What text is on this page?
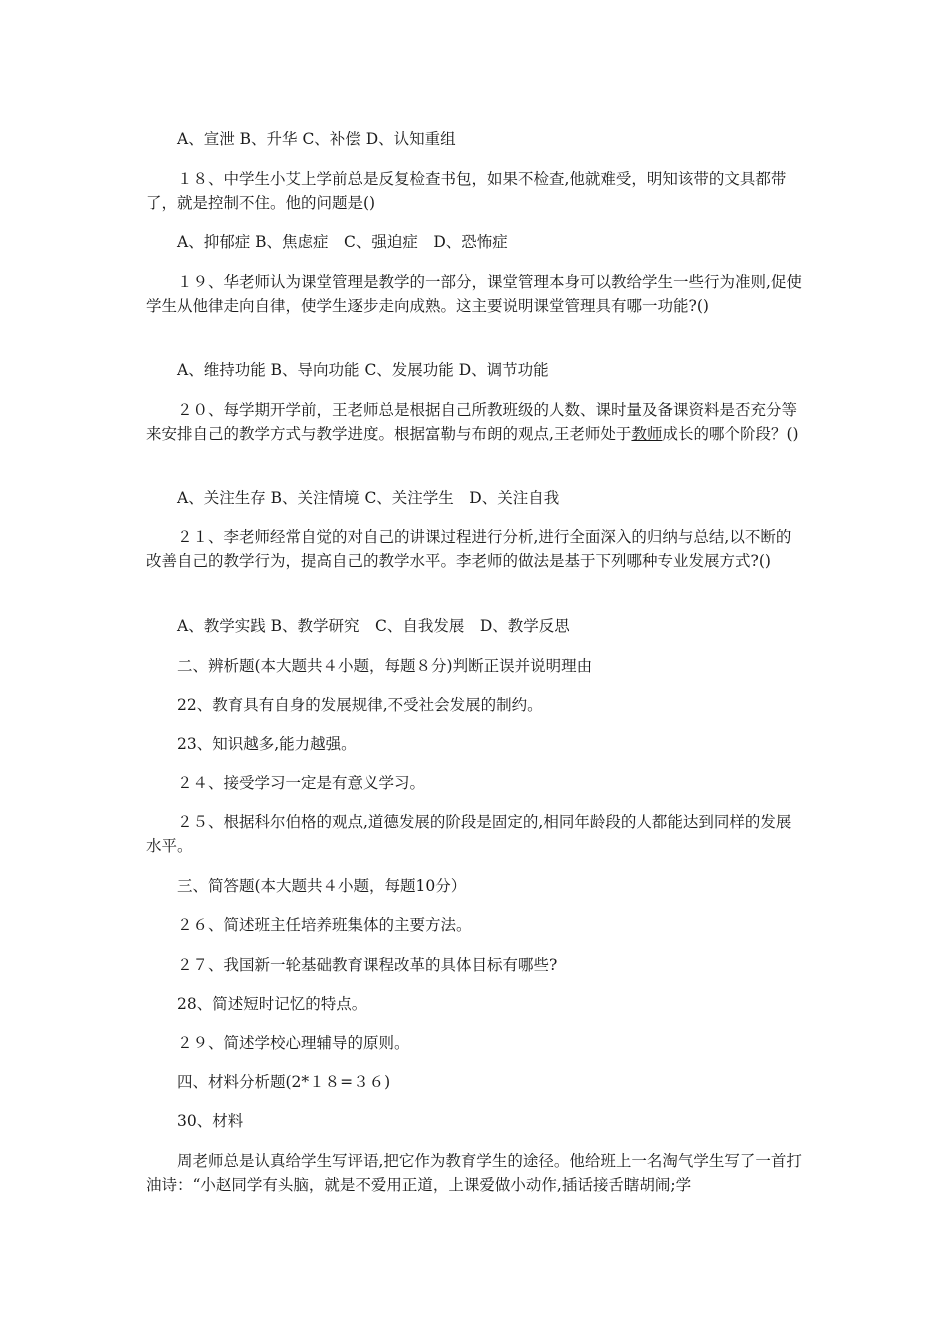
A、宣泄 B、升华 C、补偿 D、认知重组

１８、中学生小艾上学前总是反复检查书包，如果不检查,他就难受，明知该带的文具都带了，就是控制不住。他的问题是()

A、抑郁症 B、焦虑症　C、强迫症　D、恐怖症

１９、华老师认为课堂管理是教学的一部分，课堂管理本身可以教给学生一些行为准则,促使学生从他律走向自律，使学生逐步走向成熟。这主要说明课堂管理具有哪一功能?()

A、维持功能 B、导向功能 C、发展功能 D、调节功能

２０、每学期开学前，王老师总是根据自己所教班级的人数、课时量及备课资料是否充分等来安排自己的教学方式与教学进度。根据富勒与布朗的观点,王老师处于教师成长的哪个阶段？()

A、关注生存 B、关注情境 C、关注学生　D、关注自我

２１、李老师经常自觉的对自己的讲课过程进行分析,进行全面深入的归纳与总结,以不断的改善自己的教学行为，提高自己的教学水平。李老师的做法是基于下列哪种专业发展方式?()

A、教学实践 B、教学研究　C、自我发展　D、教学反思

二、辨析题(本大题共４小题，每题８分)判断正误并说明理由

22、教育具有自身的发展规律,不受社会发展的制约。

23、知识越多,能力越强。

２４、接受学习一定是有意义学习。

２５、根据科尔伯格的观点,道德发展的阶段是固定的,相同年龄段的人都能达到同样的发展水平。

三、简答题(本大题共４小题，每题10分）

２６、简述班主任培养班集体的主要方法。

２７、我国新一轮基础教育课程改革的具体目标有哪些?

28、简述短时记忆的特点。

２９、简述学校心理辅导的原则。

四、材料分析题(2*１８=３６)

30、材料

周老师总是认真给学生写评语,把它作为教育学生的途径。他给班上一名淘气学生写了一首打油诗：“小赵同学有头脑，就是不爱用正道，上课爱做小动作,插话接舌瞎胡闹;学
